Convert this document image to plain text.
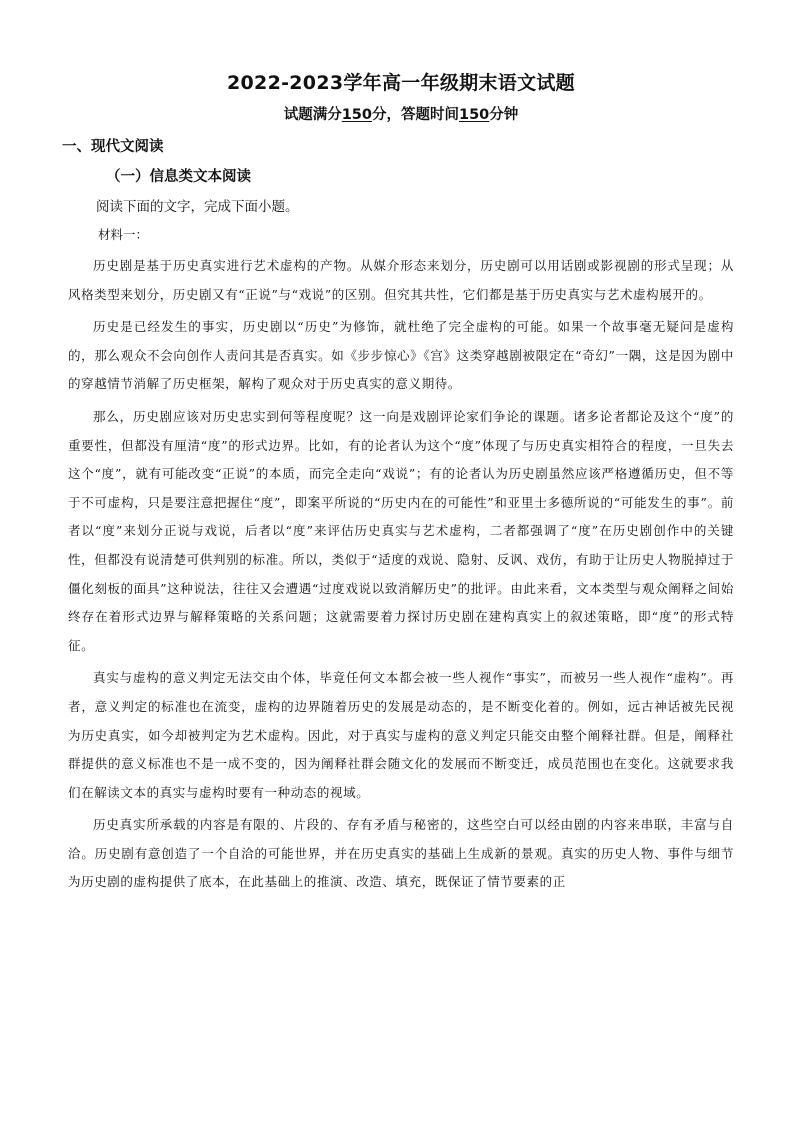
2022-2023学年高一年级期末语文试题
试题满分150分，答题时间150分钟
一、现代文阅读
（一）信息类文本阅读
阅读下面的文字，完成下面小题。
材料一：

历史剧是基于历史真实进行艺术虚构的产物。从媒介形态来划分，历史剧可以用话剧或影视剧的形式呈现；从风格类型来划分，历史剧又有“正说”与“戏说”的区别。但究其共性，它们都是基于历史真实与艺术虚构展开的。

历史是已经发生的事实，历史剧以“历史”为修饰，就杜绝了完全虚构的可能。如果一个故事毫无疑问是虚构的，那么观众不会向创作人责问其是否真实。如《步步惊心》《宫》这类穿越剧被限定在“奇幻”一隅，这是因为剧中的穿越情节消解了历史框架，解构了观众对于历史真实的意义期待。

那么，历史剧应该对历史忠实到何等程度呢？这一向是戏剧评论家们争论的课题。诸多论者都论及这个“度”的重要性，但都没有厘清“度”的形式边界。比如，有的论者认为这个“度”体现了与历史真实相符合的程度，一旦失去这个“度”，就有可能改变“正说”的本质，而完全走向“戏说”；有的论者认为历史剧虽然应该严格遵循历史，但不等于不可虚构，只是要注意把握住“度”，即案平所说的“历史内在的可能性”和亚里士多德所说的“可能发生的事”。前者以“度”来划分正说与戏说，后者以“度”来评估历史真实与艺术虚构，二者都强调了“度”在历史剧创作中的关键性，但都没有说清楚可供判别的标准。所以，类似于“适度的戏说、隐射、反讽、戏仿，有助于让历史人物脱掉过于僵化刻板的面具”这种说法，往往又会遭遇“过度戏说以致消解历史”的批评。由此来看，文本类型与观众阐释之间始终存在着形式边界与解释策略的关系问题；这就需要着力探讨历史剧在建构真实上的叙述策略，即“度”的形式特征。

真实与虚构的意义判定无法交由个体，毕竟任何文本都会被一些人视作“事实”，而被另一些人视作“虚构”。再者，意义判定的标准也在流变，虚构的边界随着历史的发展是动态的，是不断变化着的。例如，远古神话被先民视为历史真实，如今却被判定为艺术虚构。因此，对于真实与虚构的意义判定只能交由整个阐释社群。但是，阐释社群提供的意义标准也不是一成不变的，因为阐释社群会随文化的发展而不断变迁，成员范围也在变化。这就要求我们在解读文本的真实与虚构时要有一种动态的视域。

历史真实所承载的内容是有限的、片段的、存有矛盾与秘密的，这些空白可以经由剧的内容来串联，丰富与自洽。历史剧有意创造了一个自洽的可能世界，并在历史真实的基础上生成新的景观。真实的历史人物、事件与细节为历史剧的虚构提供了底本，在此基础上的推演、改造、填充，既保证了情节要素的正
